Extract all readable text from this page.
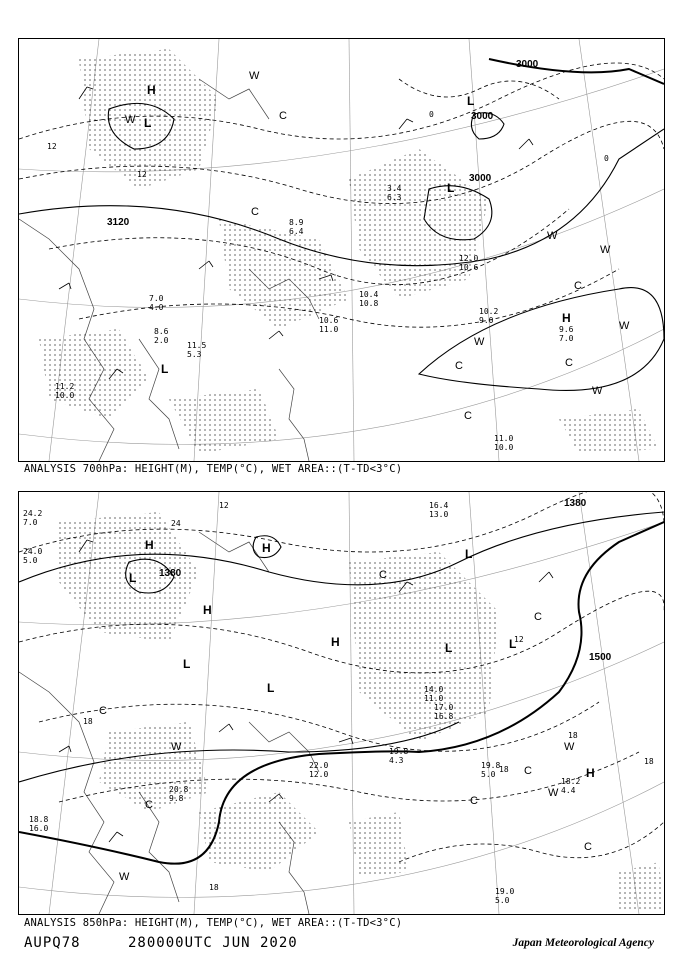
3120
3000
3000
3000
12
12
0
0
H
H
L
L
L
L
W
W
W
W
W
W
W
C
C
C	C
C
C
10.2
9.0
9.6
7.0
11.0
10.0
8.9
6.4
10.4
10.8
3.4
6.3
12.0
10.6
11.5
5.3
7.0
4.0
11.2
10.0
8.6
2.0
10.6
11.0
ANALYSIS 700hPa: HEIGHT(M), TEMP(°C), WET AREA::(T-TD<3°C)
1380
1380
1500
12
12
24
18
18
18
18
18
H	H
H
H
H
L
L
L
L
L	L
W	W
W
W
C
C
C
C
C
C
C
19.8
5.0
18.2
4.4
19.0
5.0
22.0
12.0
19.8
4.3
20.8
9.8
18.8
16.0
17.0
16.8
14.0
11.0
24.2
7.0
24.0
5.0
16.4
13.0
ANALYSIS 850hPa: HEIGHT(M), TEMP(°C), WET AREA::(T-TD<3°C)
AUPQ78	280000UTC JUN 2020	Japan Meteorological Agency
